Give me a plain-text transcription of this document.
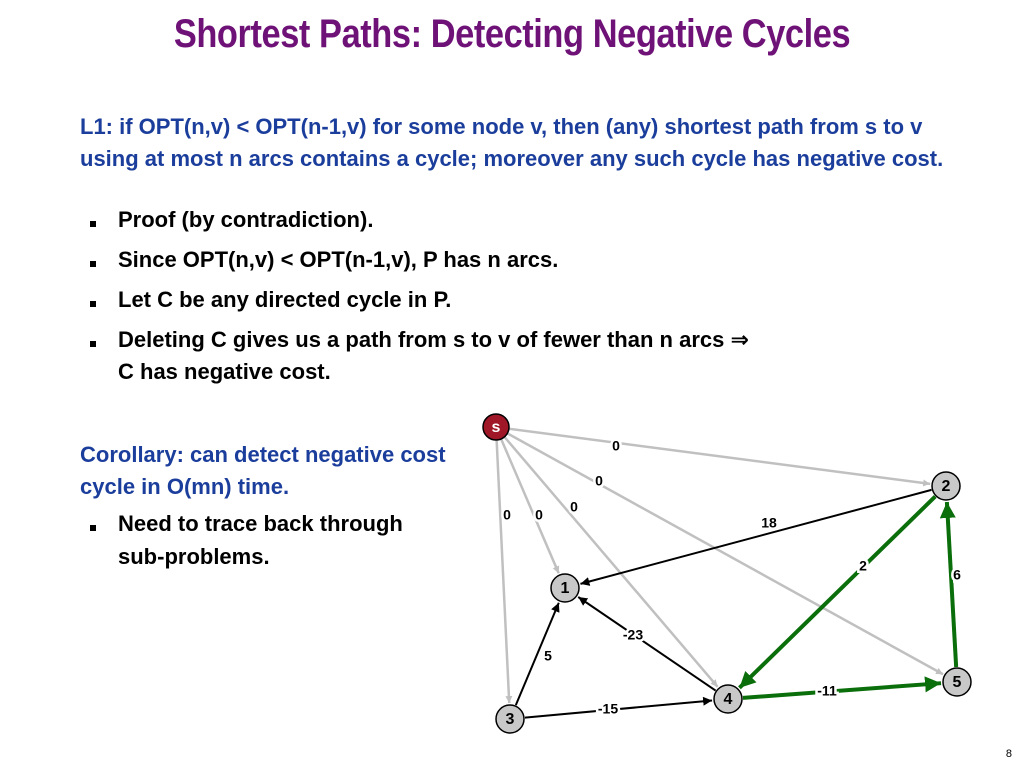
Shortest Paths: Detecting Negative Cycles
L1: if OPT(n,v) < OPT(n-1,v) for some node v, then (any) shortest path from s to v using at most n arcs contains a cycle; moreover any such cycle has negative cost.
Proof (by contradiction).
Since OPT(n,v) < OPT(n-1,v), P has n arcs.
Let C be any directed cycle in P.
Deleting C gives us a path from s to v of fewer than n arcs ⇒
C has negative cost.
Corollary: can detect negative cost cycle in O(mn) time.
Need to trace back through sub-problems.
0
0
0
0
0	18
-23
5
-15
2
-11
6
s
1
2
3
4
5
8
